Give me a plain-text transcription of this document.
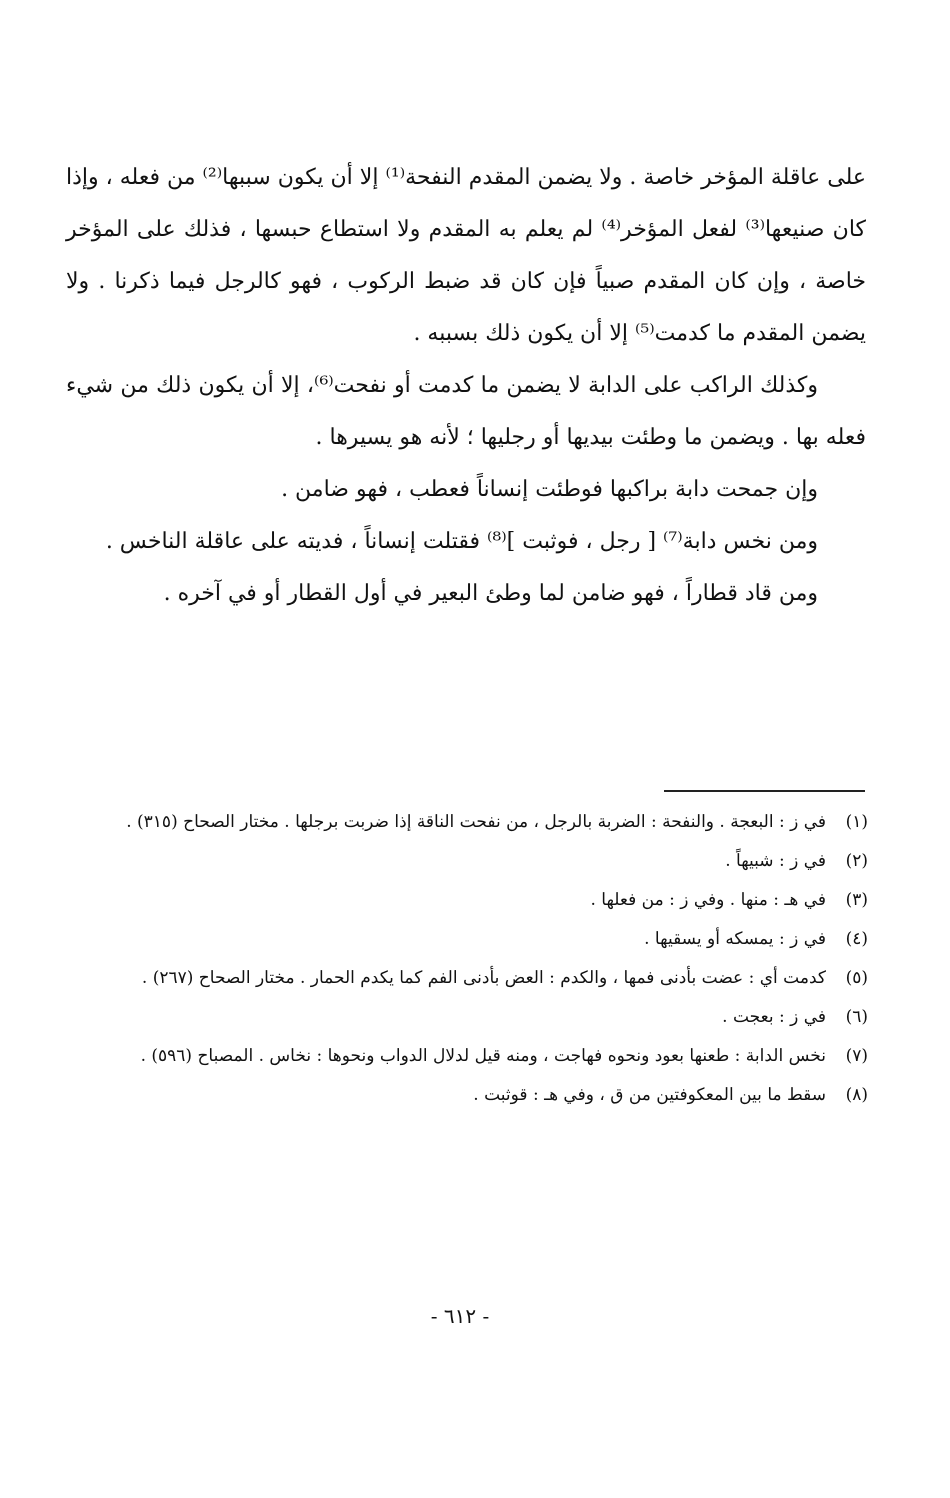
على عاقلة المؤخر خاصة . ولا يضمن المقدم النفحة⁽¹⁾ إلا أن يكون سببها⁽²⁾ من فعله ، وإذا كان صنيعها⁽³⁾ لفعل المؤخر⁽⁴⁾ لم يعلم به المقدم ولا استطاع حبسها ، فذلك على المؤخر خاصة ، وإن كان المقدم صبياً فإن كان قد ضبط الركوب ، فهو كالرجل فيما ذكرنا . ولا يضمن المقدم ما كدمت⁽⁵⁾ إلا أن يكون ذلك بسببه .

وكذلك الراكب على الدابة لا يضمن ما كدمت أو نفحت⁽⁶⁾، إلا أن يكون ذلك من شيء فعله بها . ويضمن ما وطئت بيديها أو رجليها ؛ لأنه هو يسيرها .

وإن جمحت دابة براكبها فوطئت إنساناً فعطب ، فهو ضامن .

ومن نخس دابة⁽⁷⁾ [ رجل ، فوثبت ]⁽⁸⁾ فقتلت إنساناً ، فديته على عاقلة الناخس .

ومن قاد قطاراً ، فهو ضامن لما وطئ البعير في أول القطار أو في آخره .

(١)
في ز : البعجة . والنفحة : الضربة بالرجل ، من نفحت الناقة إذا ضربت برجلها . مختار الصحاح (٣١٥) .
(٢)
في ز : شبيهاً .
(٣)
في هـ : منها . وفي ز : من فعلها .
(٤)
في ز : يمسكه أو يسقيها .
(٥)
كدمت أي : عضت بأدنى فمها ، والكدم : العض بأدنى الفم كما يكدم الحمار . مختار الصحاح (٢٦٧) .
(٦)
في ز : بعجت .
(٧)
نخس الدابة : طعنها بعود ونحوه فهاجت ، ومنه قيل لدلال الدواب ونحوها : نخاس . المصباح (٥٩٦) .
(٨)
سقط ما بين المعكوفتين من ق ، وفي هـ : قوثبت .
- ٦١٢ -
